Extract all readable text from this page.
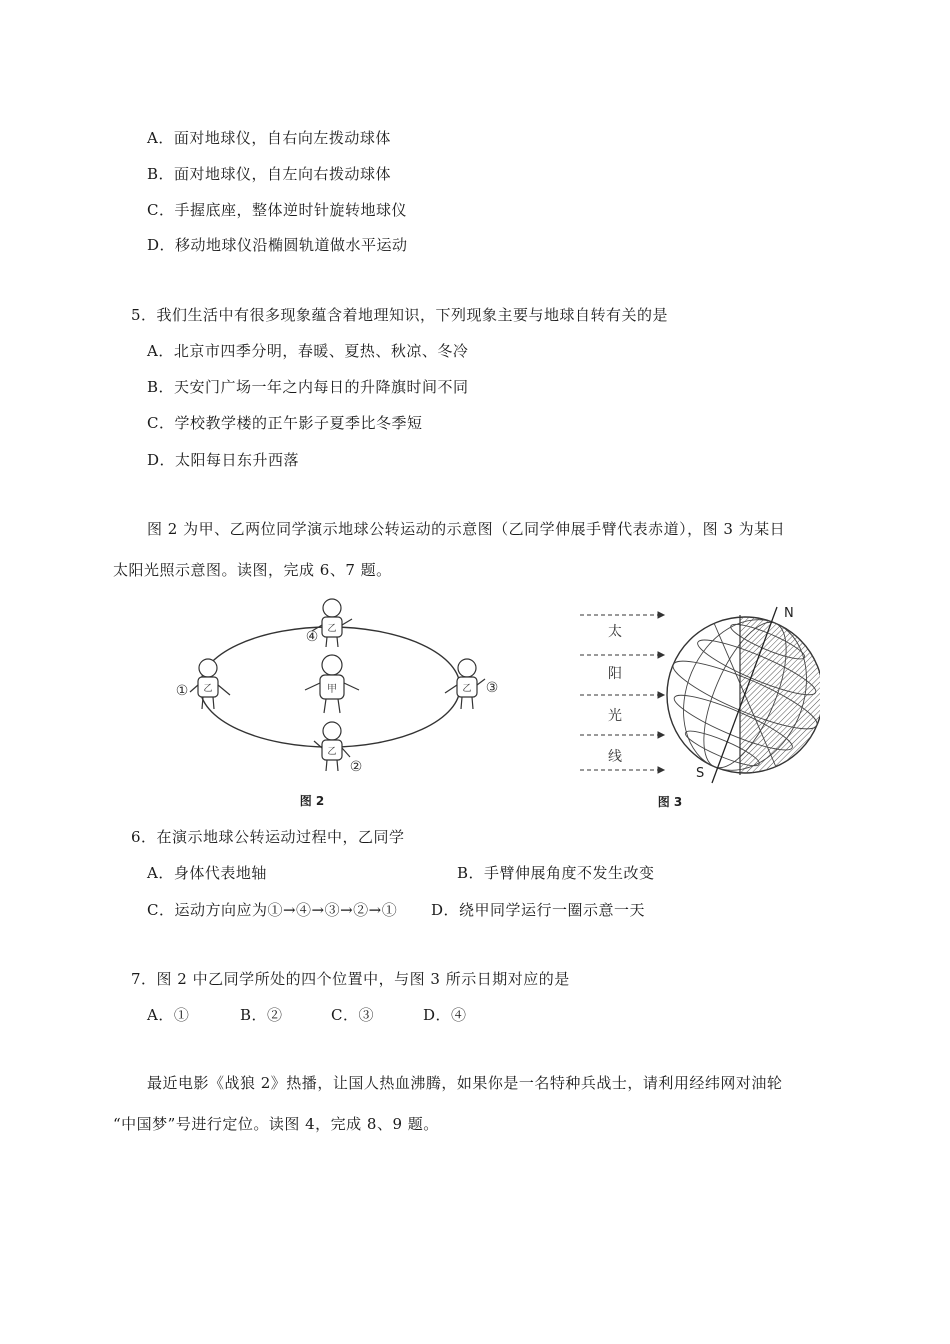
A．面对地球仪，自右向左拨动球体
B．面对地球仪，自左向右拨动球体
C．手握底座，整体逆时针旋转地球仪
D．移动地球仪沿椭圆轨道做水平运动
5．我们生活中有很多现象蕴含着地理知识，下列现象主要与地球自转有关的是
A．北京市四季分明，春暖、夏热、秋凉、冬冷
B．天安门广场一年之内每日的升降旗时间不同
C．学校教学楼的正午影子夏季比冬季短
D．太阳每日东升西落
图 2 为甲、乙两位同学演示地球公转运动的示意图（乙同学伸展手臂代表赤道），图 3 为某日
太阳光照示意图。读图，完成 6、7 题。
甲
乙
④
乙
①	乙 ③
乙
②
图 2
太
阳
光
线
N
S
图 3
6．在演示地球公转运动过程中，乙同学
A．身体代表地轴	B．手臂伸展角度不发生改变
C．运动方向应为①→④→③→②→① D．绕甲同学运行一圈示意一天
7．图 2 中乙同学所处的四个位置中，与图 3 所示日期对应的是
A．①	B．②	C．③	D．④
最近电影《战狼 2》热播，让国人热血沸腾，如果你是一名特种兵战士，请利用经纬网对油轮
“中国梦”号进行定位。读图 4，完成 8、9 题。
